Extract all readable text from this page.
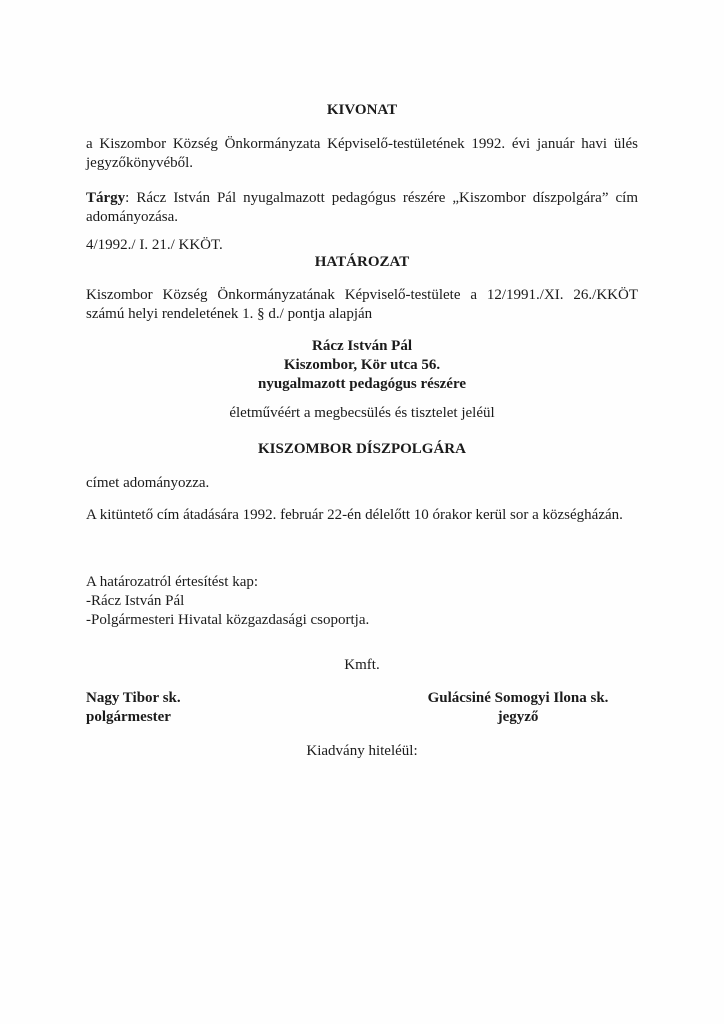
KIVONAT
a Kiszombor Község Önkormányzata Képviselő-testületének 1992. évi január havi ülés jegyzőkönyvéből.
Tárgy: Rácz István Pál nyugalmazott pedagógus részére „Kiszombor díszpolgára” cím adományozása.
4/1992./ I. 21./ KKÖT.
HATÁROZAT
Kiszombor Község Önkormányzatának Képviselő-testülete a 12/1991./XI. 26./KKÖT számú helyi rendeletének 1. § d./ pontja alapján
Rácz István Pál
Kiszombor, Kör utca 56.
nyugalmazott pedagógus részére
életművéért a megbecsülés és tisztelet jeléül
KISZOMBOR DÍSZPOLGÁRA
címet adományozza.
A kitüntető cím átadására 1992. február 22-én délelőtt 10 órakor kerül sor a községházán.
A határozatról értesítést kap:
-Rácz István Pál
-Polgármesteri Hivatal közgazdasági csoportja.
Kmft.
Nagy Tibor sk.
polgármester
Gulácsiné Somogyi Ilona sk.
jegyző
Kiadvány hiteléül:
